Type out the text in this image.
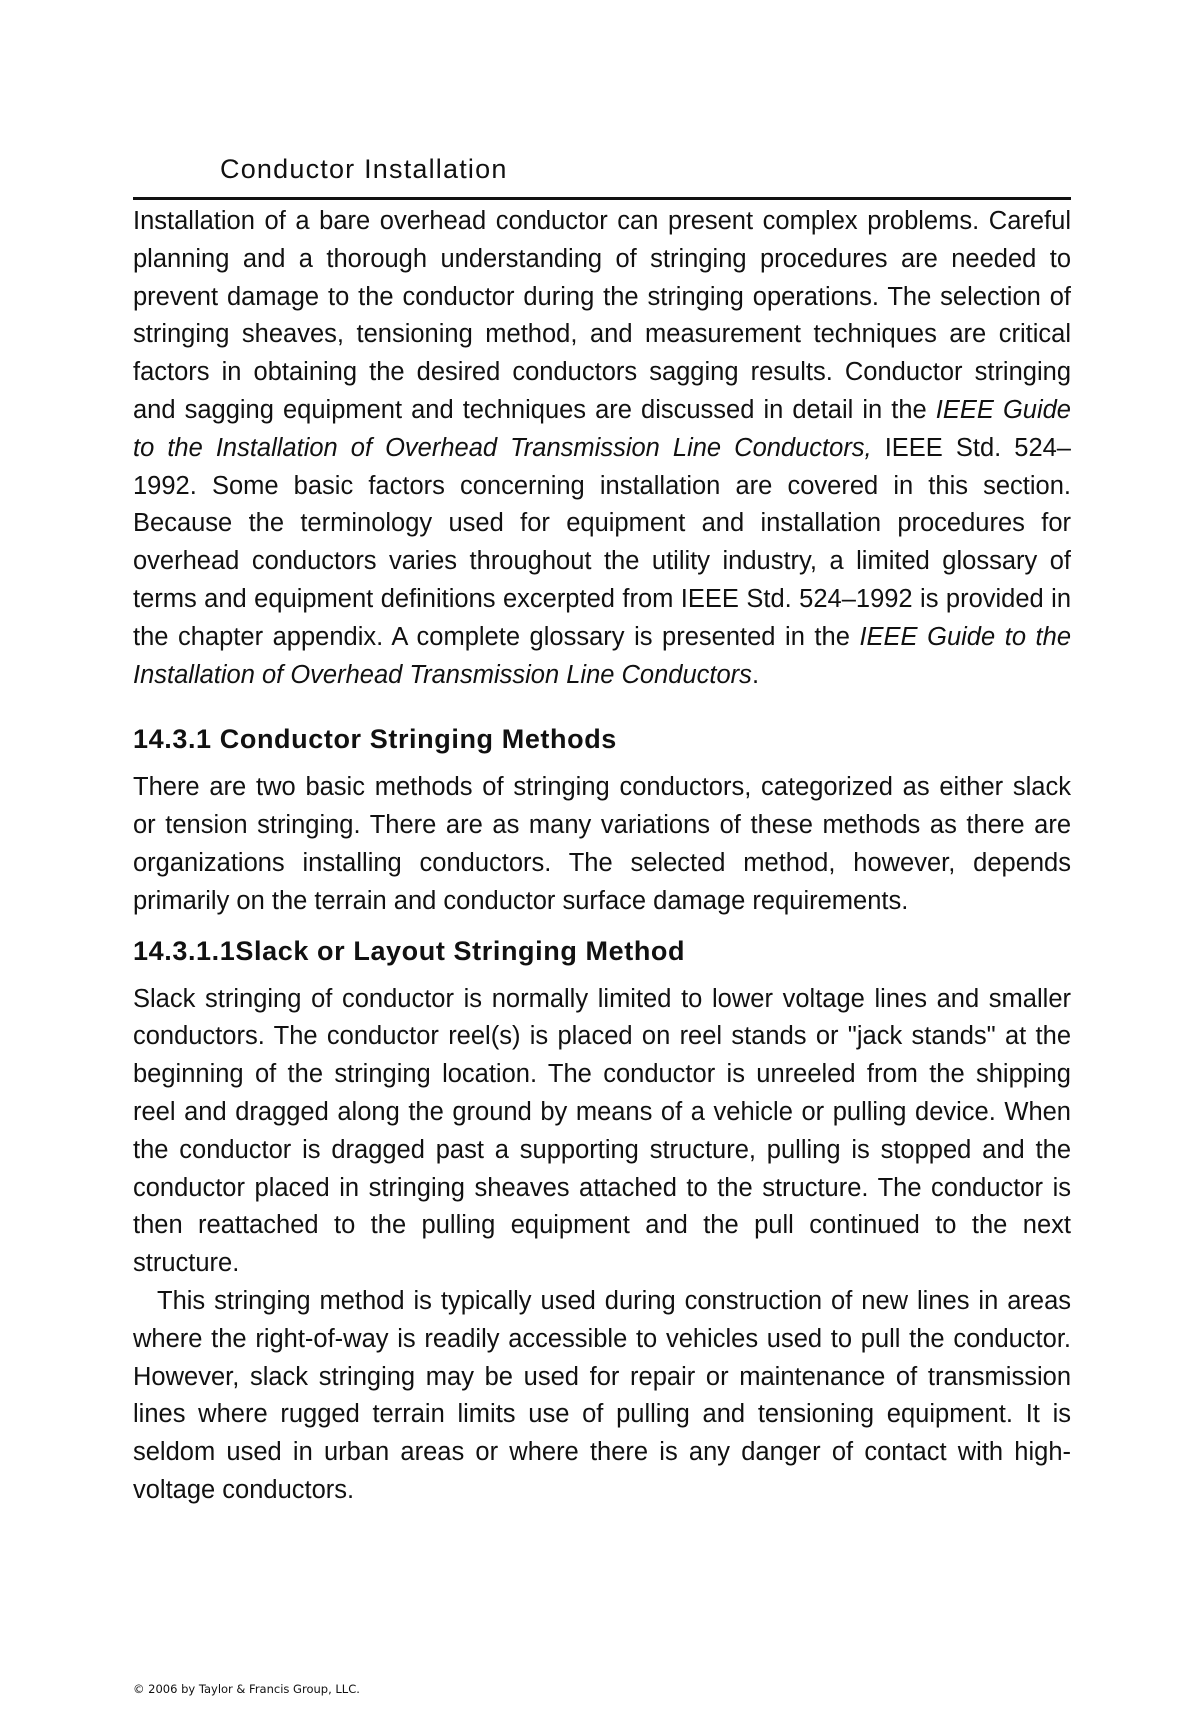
Conductor Installation

Installation of a bare overhead conductor can present complex problems. Careful planning and a thorough understanding of stringing procedures are needed to prevent damage to the conductor during the stringing operations. The selection of stringing sheaves, tensioning method, and measurement techniques are critical factors in obtaining the desired conductors sagging results. Conductor stringing and sagging equipment and techniques are discussed in detail in the IEEE Guide to the Installation of Overhead Transmission Line Conductors, IEEE Std. 524–1992. Some basic factors concerning installation are covered in this section. Because the terminology used for equipment and installation procedures for overhead conductors varies throughout the utility industry, a limited glossary of terms and equipment definitions excerpted from IEEE Std. 524–1992 is provided in the chapter appendix. A complete glossary is presented in the IEEE Guide to the Installation of Overhead Transmission Line Conductors.

14.3.1 Conductor Stringing Methods

There are two basic methods of stringing conductors, categorized as either slack or tension stringing. There are as many variations of these methods as there are organizations installing conductors. The selected method, however, depends primarily on the terrain and conductor surface damage requirements.

14.3.1.1Slack or Layout Stringing Method

Slack stringing of conductor is normally limited to lower voltage lines and smaller conductors. The conductor reel(s) is placed on reel stands or "jack stands" at the beginning of the stringing location. The conductor is unreeled from the shipping reel and dragged along the ground by means of a vehicle or pulling device. When the conductor is dragged past a supporting structure, pulling is stopped and the conductor placed in stringing sheaves attached to the structure. The conductor is then reattached to the pulling equipment and the pull continued to the next structure.

This stringing method is typically used during construction of new lines in areas where the right-of-way is readily accessible to vehicles used to pull the conductor. However, slack stringing may be used for repair or maintenance of transmission lines where rugged terrain limits use of pulling and tensioning equipment. It is seldom used in urban areas or where there is any danger of contact with high-voltage conductors.

© 2006 by Taylor & Francis Group, LLC.
